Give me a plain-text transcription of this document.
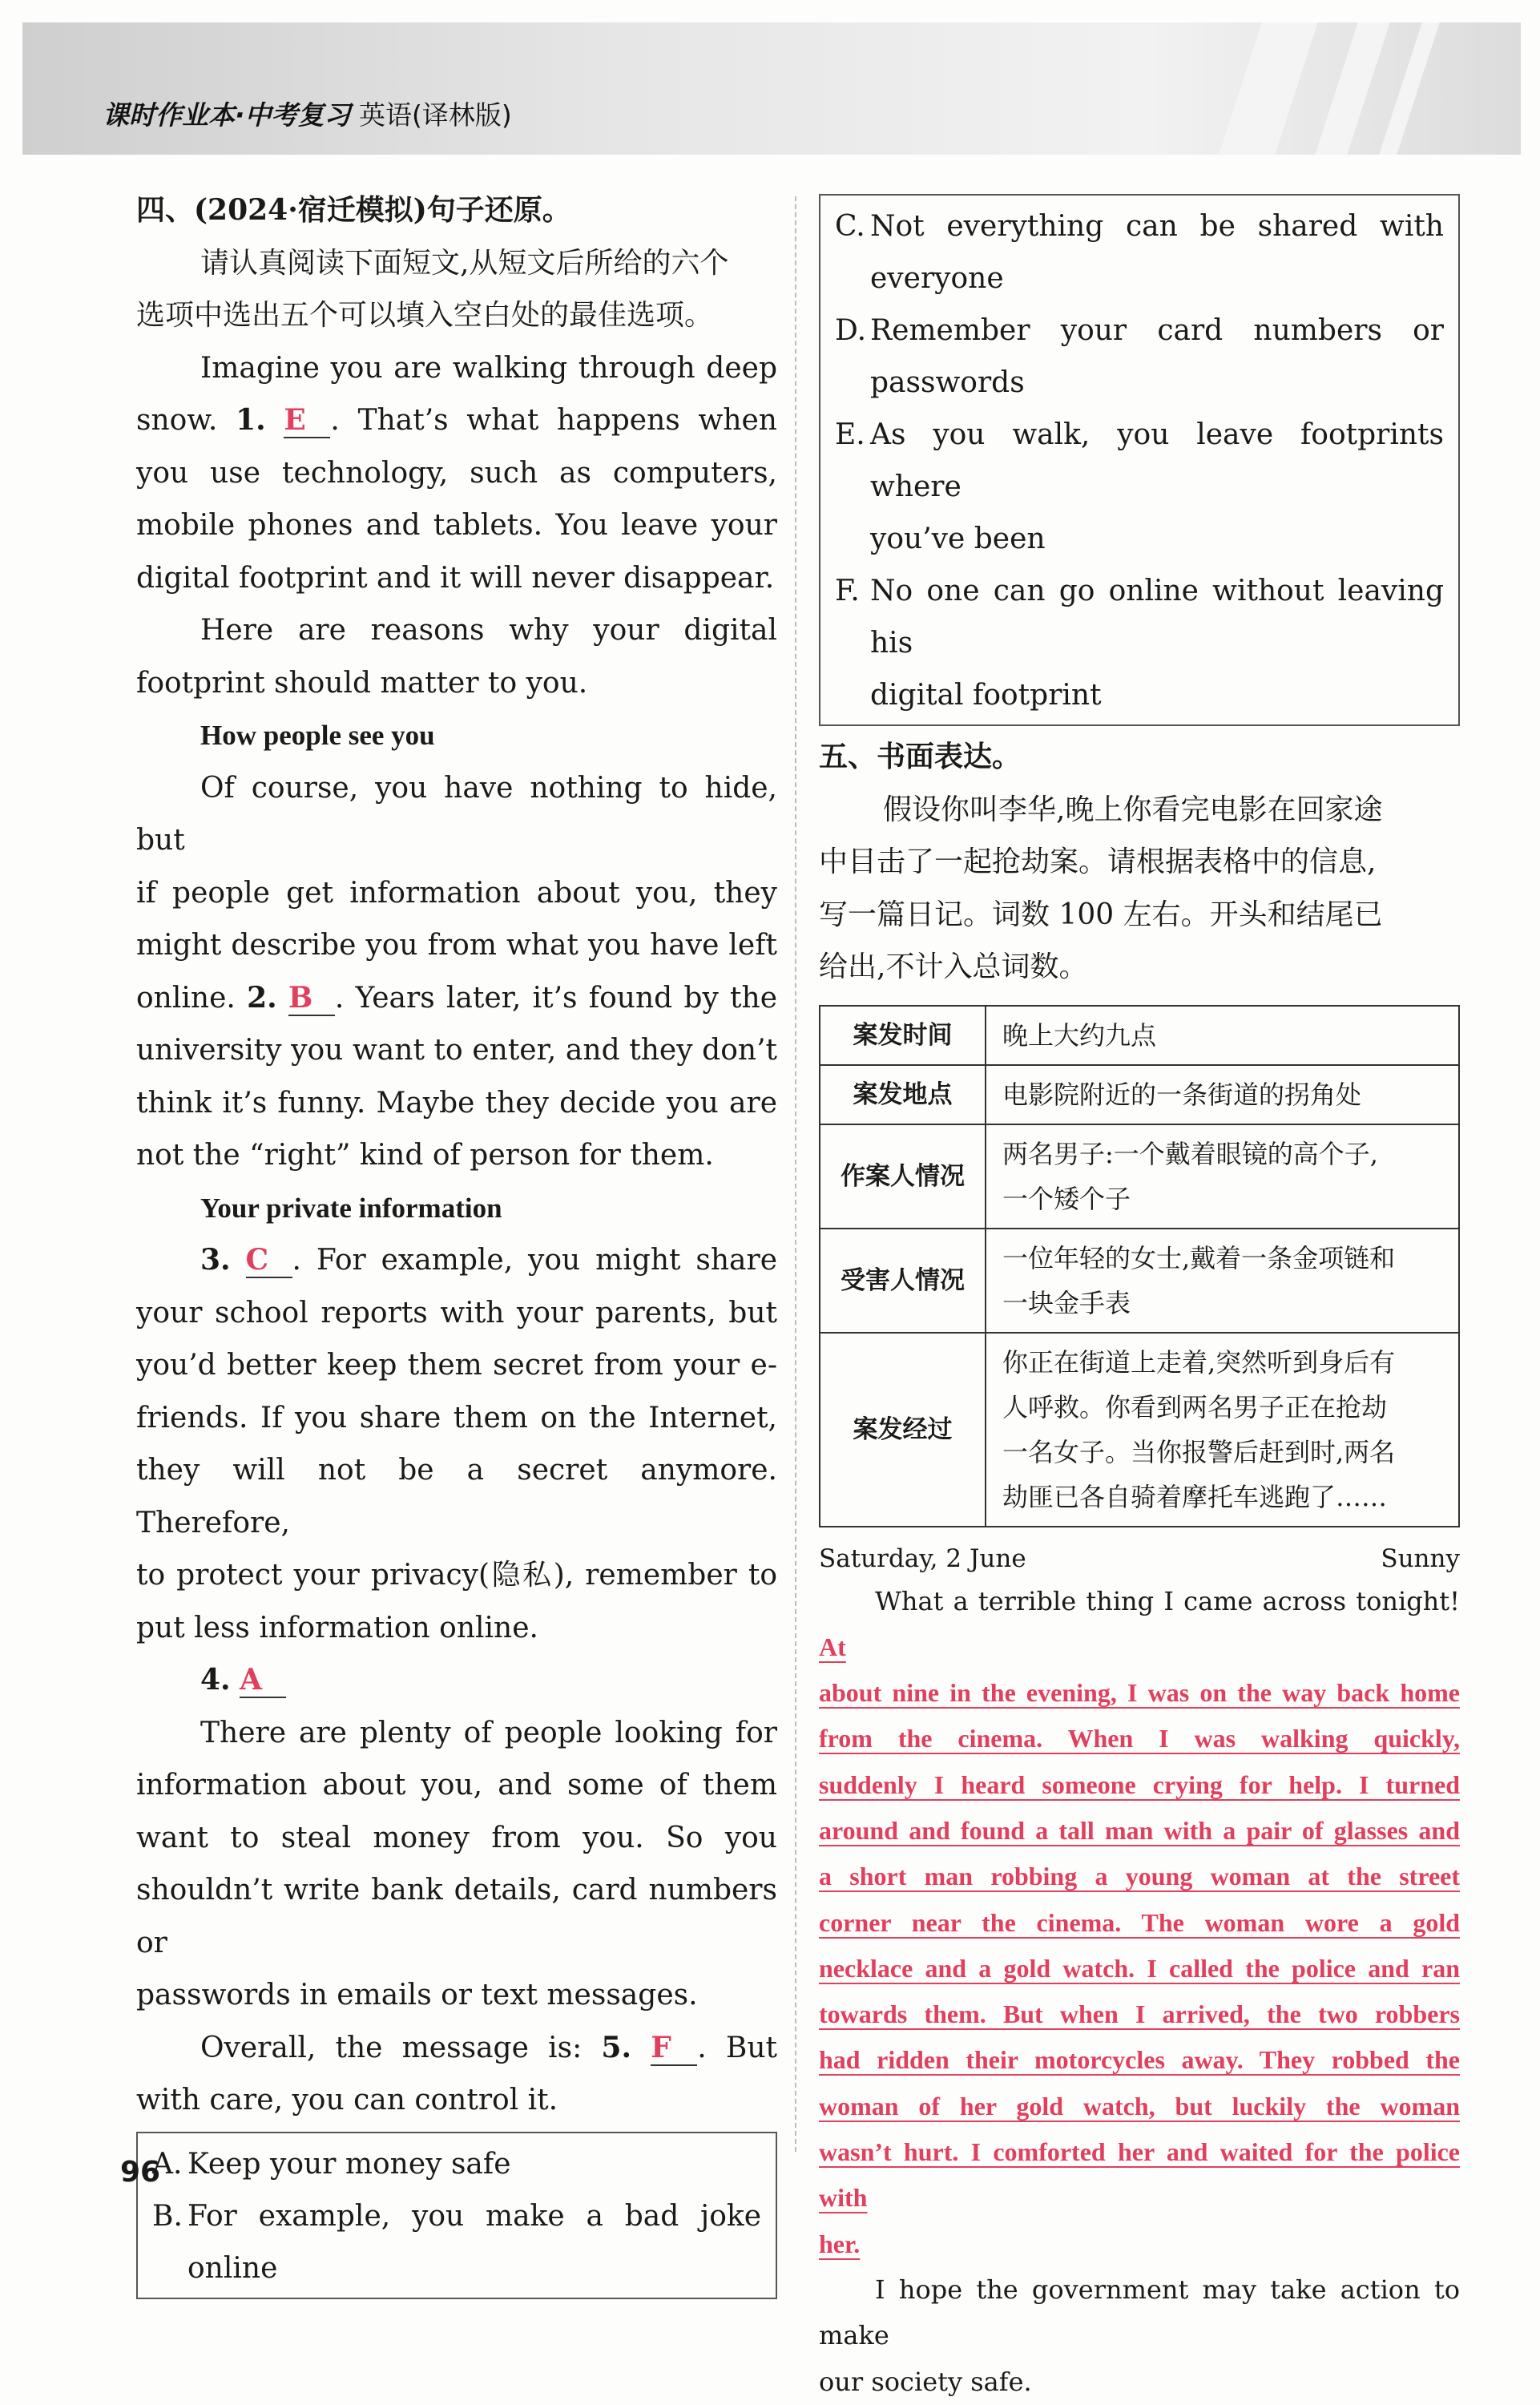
课时作业本·中考复习 英语(译林版)

四、(2024·宿迁模拟)句子还原。

请认真阅读下面短文,从短文后所给的六个

选项中选出五个可以填入空白处的最佳选项。

Imagine you are walking through deep

snow. 1. E . That’s what happens when

you use technology, such as computers,

mobile phones and tablets. You leave your

digital footprint and it will never disappear.

Here are reasons why your digital

footprint should matter to you.

How people see you

Of course, you have nothing to hide, but

if people get information about you, they

might describe you from what you have left

online. 2. B . Years later, it’s found by the

university you want to enter, and they don’t

think it’s funny. Maybe they decide you are

not the “right” kind of person for them.

Your private information

3. C . For example, you might share

your school reports with your parents, but

you’d better keep them secret from your e-

friends. If you share them on the Internet,

they will not be a secret anymore. Therefore,

to protect your privacy(隐私), remember to

put less information online.

4. A

There are plenty of people looking for

information about you, and some of them

want to steal money from you. So you

shouldn’t write bank details, card numbers or

passwords in emails or text messages.

Overall, the message is: 5. F . But

with care, you can control it.

A. Keep your money safe
B. For example, you make a bad joke
online
C. Not everything can be shared with
everyone
D. Remember your card numbers or
passwords
E. As you walk, you leave footprints where
you’ve been
F. No one can go online without leaving his
digital footprint

五、书面表达。

假设你叫李华,晚上你看完电影在回家途

中目击了一起抢劫案。请根据表格中的信息,

写一篇日记。词数 100 左右。开头和结尾已

给出,不计入总词数。

案发时间	晚上大约九点
案发地点	电影院附近的一条街道的拐角处
作案人情况	两名男子:一个戴着眼镜的高个子,
一个矮个子
受害人情况	一位年轻的女士,戴着一条金项链和
一块金手表
案发经过	你正在街道上走着,突然听到身后有
人呼救。你看到两名男子正在抢劫
一名女子。当你报警后赶到时,两名
劫匪已各自骑着摩托车逃跑了……
Saturday, 2 June	Sunny

What a terrible thing I came across tonight! At

about nine in the evening, I was on the way back home

from the cinema. When I was walking quickly,

suddenly I heard someone crying for help. I turned

around and found a tall man with a pair of glasses and

a short man robbing a young woman at the street

corner near the cinema. The woman wore a gold

necklace and a gold watch. I called the police and ran

towards them. But when I arrived, the two robbers

had ridden their motorcycles away. They robbed the

woman of her gold watch, but luckily the woman

wasn’t hurt. I comforted her and waited for the police with

her.

I hope the government may take action to make

our society safe.

96
